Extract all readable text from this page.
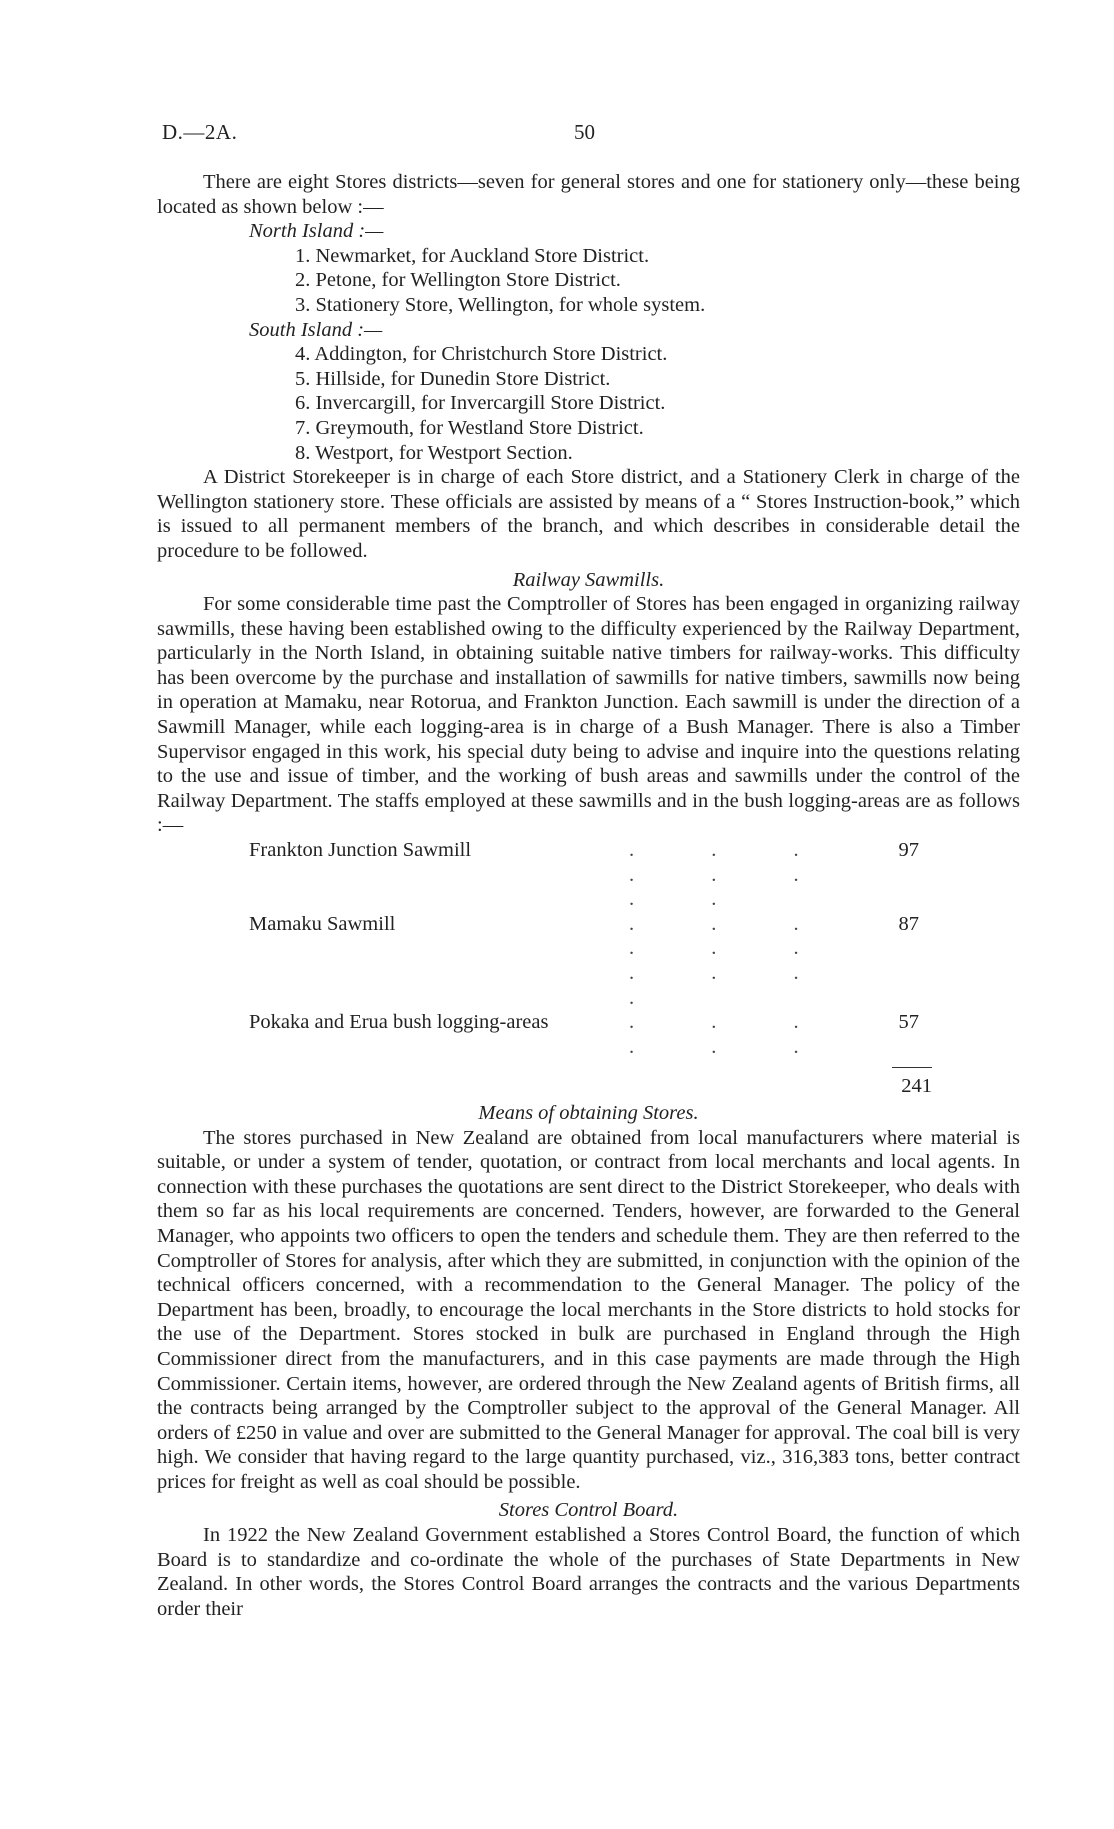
D.—2A.	50

There are eight Stores districts—seven for general stores and one for stationery only—these being located as shown below :—

North Island :—
1. Newmarket, for Auckland Store District.
2. Petone, for Wellington Store District.
3. Stationery Store, Wellington, for whole system.
South Island :—
4. Addington, for Christchurch Store District.
5. Hillside, for Dunedin Store District.
6. Invercargill, for Invercargill Store District.
7. Greymouth, for Westland Store District.
8. Westport, for Westport Section.

A District Storekeeper is in charge of each Store district, and a Stationery Clerk in charge of the Wellington stationery store. These officials are assisted by means of a “ Stores Instruction-book,” which is issued to all permanent members of the branch, and which describes in considerable detail the procedure to be followed.

Railway Sawmills.

For some considerable time past the Comptroller of Stores has been engaged in organizing railway sawmills, these having been established owing to the difficulty experienced by the Railway Department, particularly in the North Island, in obtaining suitable native timbers for railway-works. This difficulty has been overcome by the purchase and installation of sawmills for native timbers, sawmills now being in operation at Mamaku, near Rotorua, and Frankton Junction. Each sawmill is under the direction of a Sawmill Manager, while each logging-area is in charge of a Bush Manager. There is also a Timber Supervisor engaged in this work, his special duty being to advise and inquire into the questions relating to the use and issue of timber, and the working of bush areas and sawmills under the control of the Railway Department. The staffs employed at these sawmills and in the bush logging-areas are as follows :—

Frankton Junction Sawmill	. . . . . . . .	97
Mamaku Sawmill	. . . . . . . . . .	87
Pokaka and Erua bush logging-areas	. . . . . .	57
241
Means of obtaining Stores.

The stores purchased in New Zealand are obtained from local manufacturers where material is suitable, or under a system of tender, quotation, or contract from local merchants and local agents. In connection with these purchases the quotations are sent direct to the District Storekeeper, who deals with them so far as his local requirements are concerned. Tenders, however, are forwarded to the General Manager, who appoints two officers to open the tenders and schedule them. They are then referred to the Comptroller of Stores for analysis, after which they are submitted, in conjunction with the opinion of the technical officers concerned, with a recommendation to the General Manager. The policy of the Department has been, broadly, to encourage the local merchants in the Store districts to hold stocks for the use of the Department. Stores stocked in bulk are purchased in England through the High Commissioner direct from the manufacturers, and in this case payments are made through the High Commissioner. Certain items, however, are ordered through the New Zealand agents of British firms, all the contracts being arranged by the Comptroller subject to the approval of the General Manager. All orders of £250 in value and over are submitted to the General Manager for approval. The coal bill is very high. We consider that having regard to the large quantity purchased, viz., 316,383 tons, better contract prices for freight as well as coal should be possible.

Stores Control Board.

In 1922 the New Zealand Government established a Stores Control Board, the function of which Board is to standardize and co-ordinate the whole of the purchases of State Departments in New Zealand. In other words, the Stores Control Board arranges the contracts and the various Departments order their
